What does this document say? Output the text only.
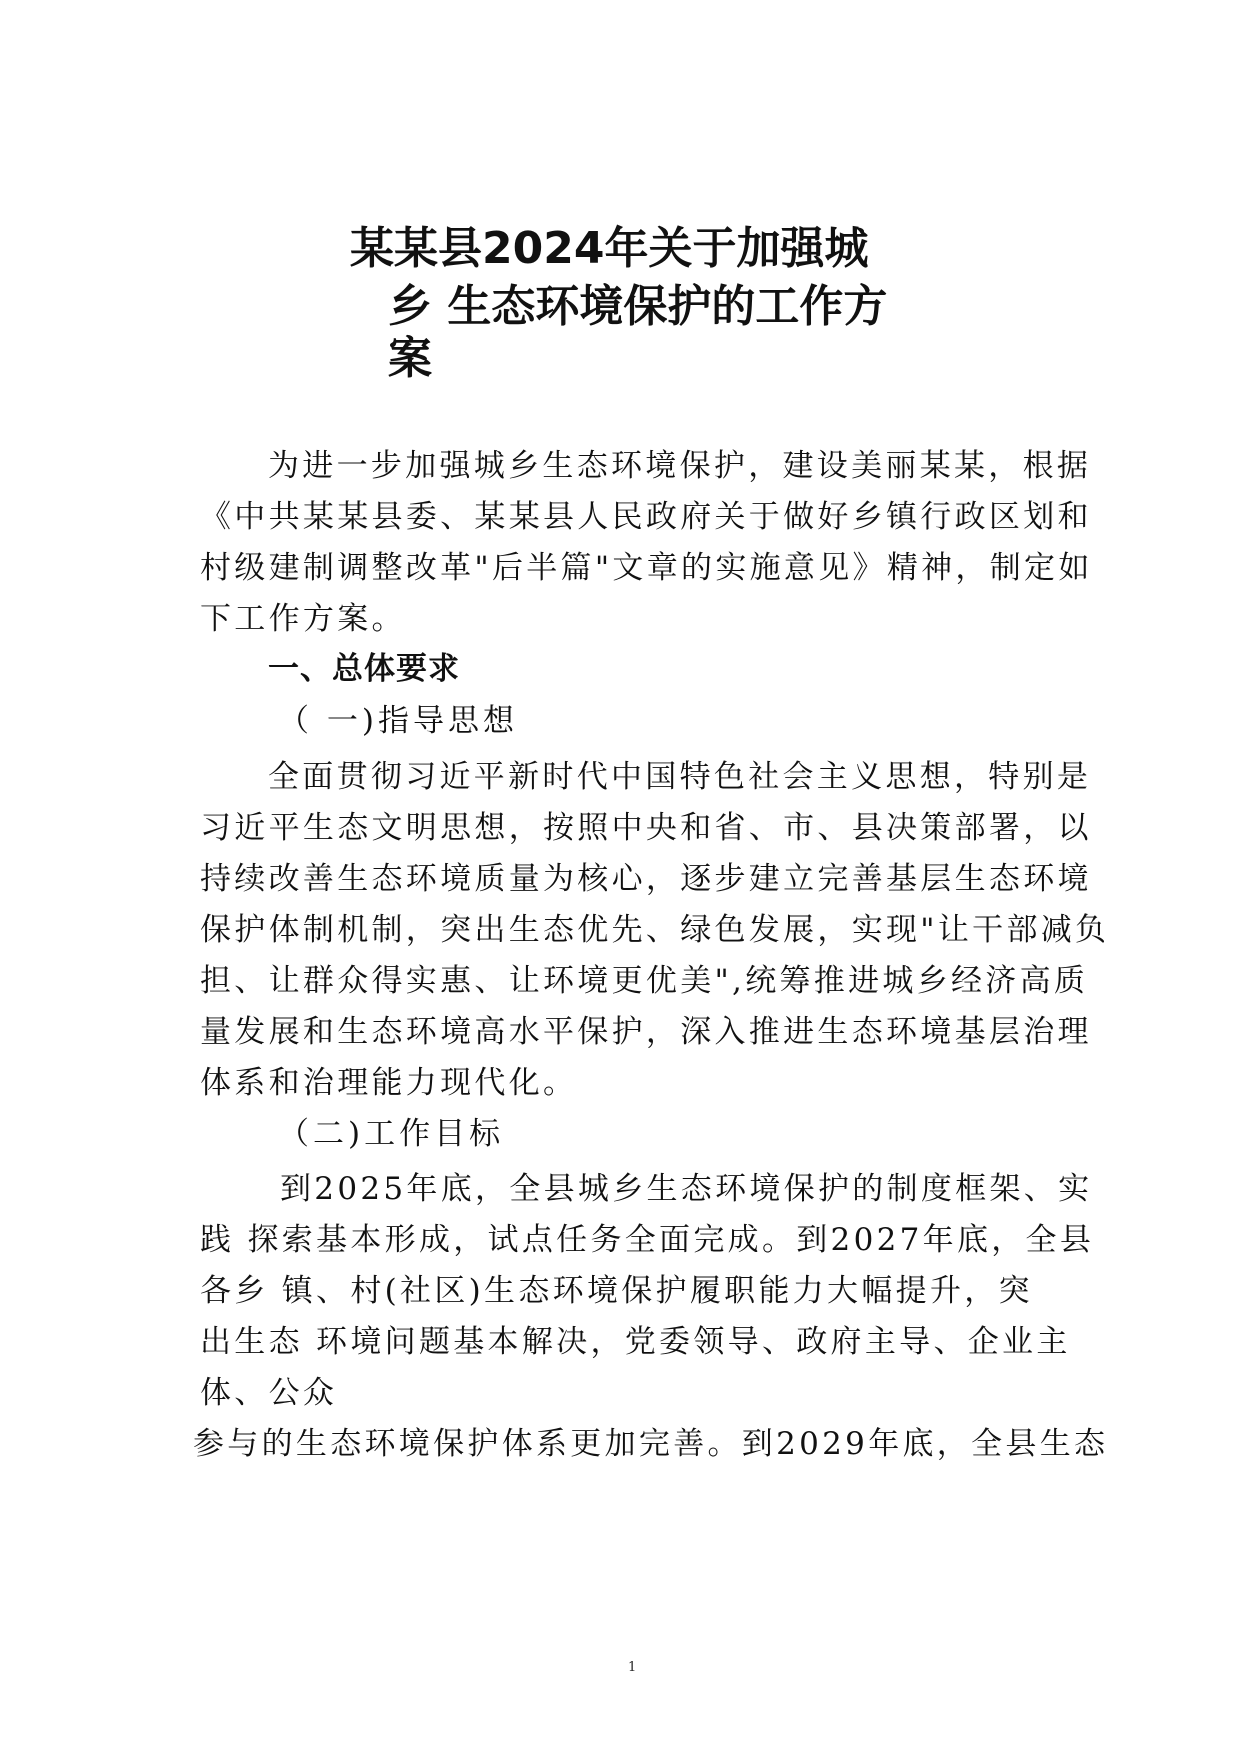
某某县2024年关于加强城
乡 生态环境保护的工作方
案
为进一步加强城乡生态环境保护，建设美丽某某，根据
《中共某某县委、某某县人民政府关于做好乡镇行政区划和
村级建制调整改革"后半篇"文章的实施意见》精神，制定如
下工作方案。
一、总体要求
（ 一)指导思想
全面贯彻习近平新时代中国特色社会主义思想，特别是
习近平生态文明思想，按照中央和省、市、县决策部署，以
持续改善生态环境质量为核心，逐步建立完善基层生态环境
保护体制机制，突出生态优先、绿色发展，实现"让干部减负
担、让群众得实惠、让环境更优美",统筹推进城乡经济高质
量发展和生态环境高水平保护，深入推进生态环境基层治理
体系和治理能力现代化。
（二)工作目标
到2025年底，全县城乡生态环境保护的制度框架、实
践 探索基本形成，试点任务全面完成。到2027年底，全县
各乡 镇、村(社区)生态环境保护履职能力大幅提升，突
出生态 环境问题基本解决，党委领导、政府主导、企业主
体、公众
参与的生态环境保护体系更加完善。到2029年底，全县生态
1
